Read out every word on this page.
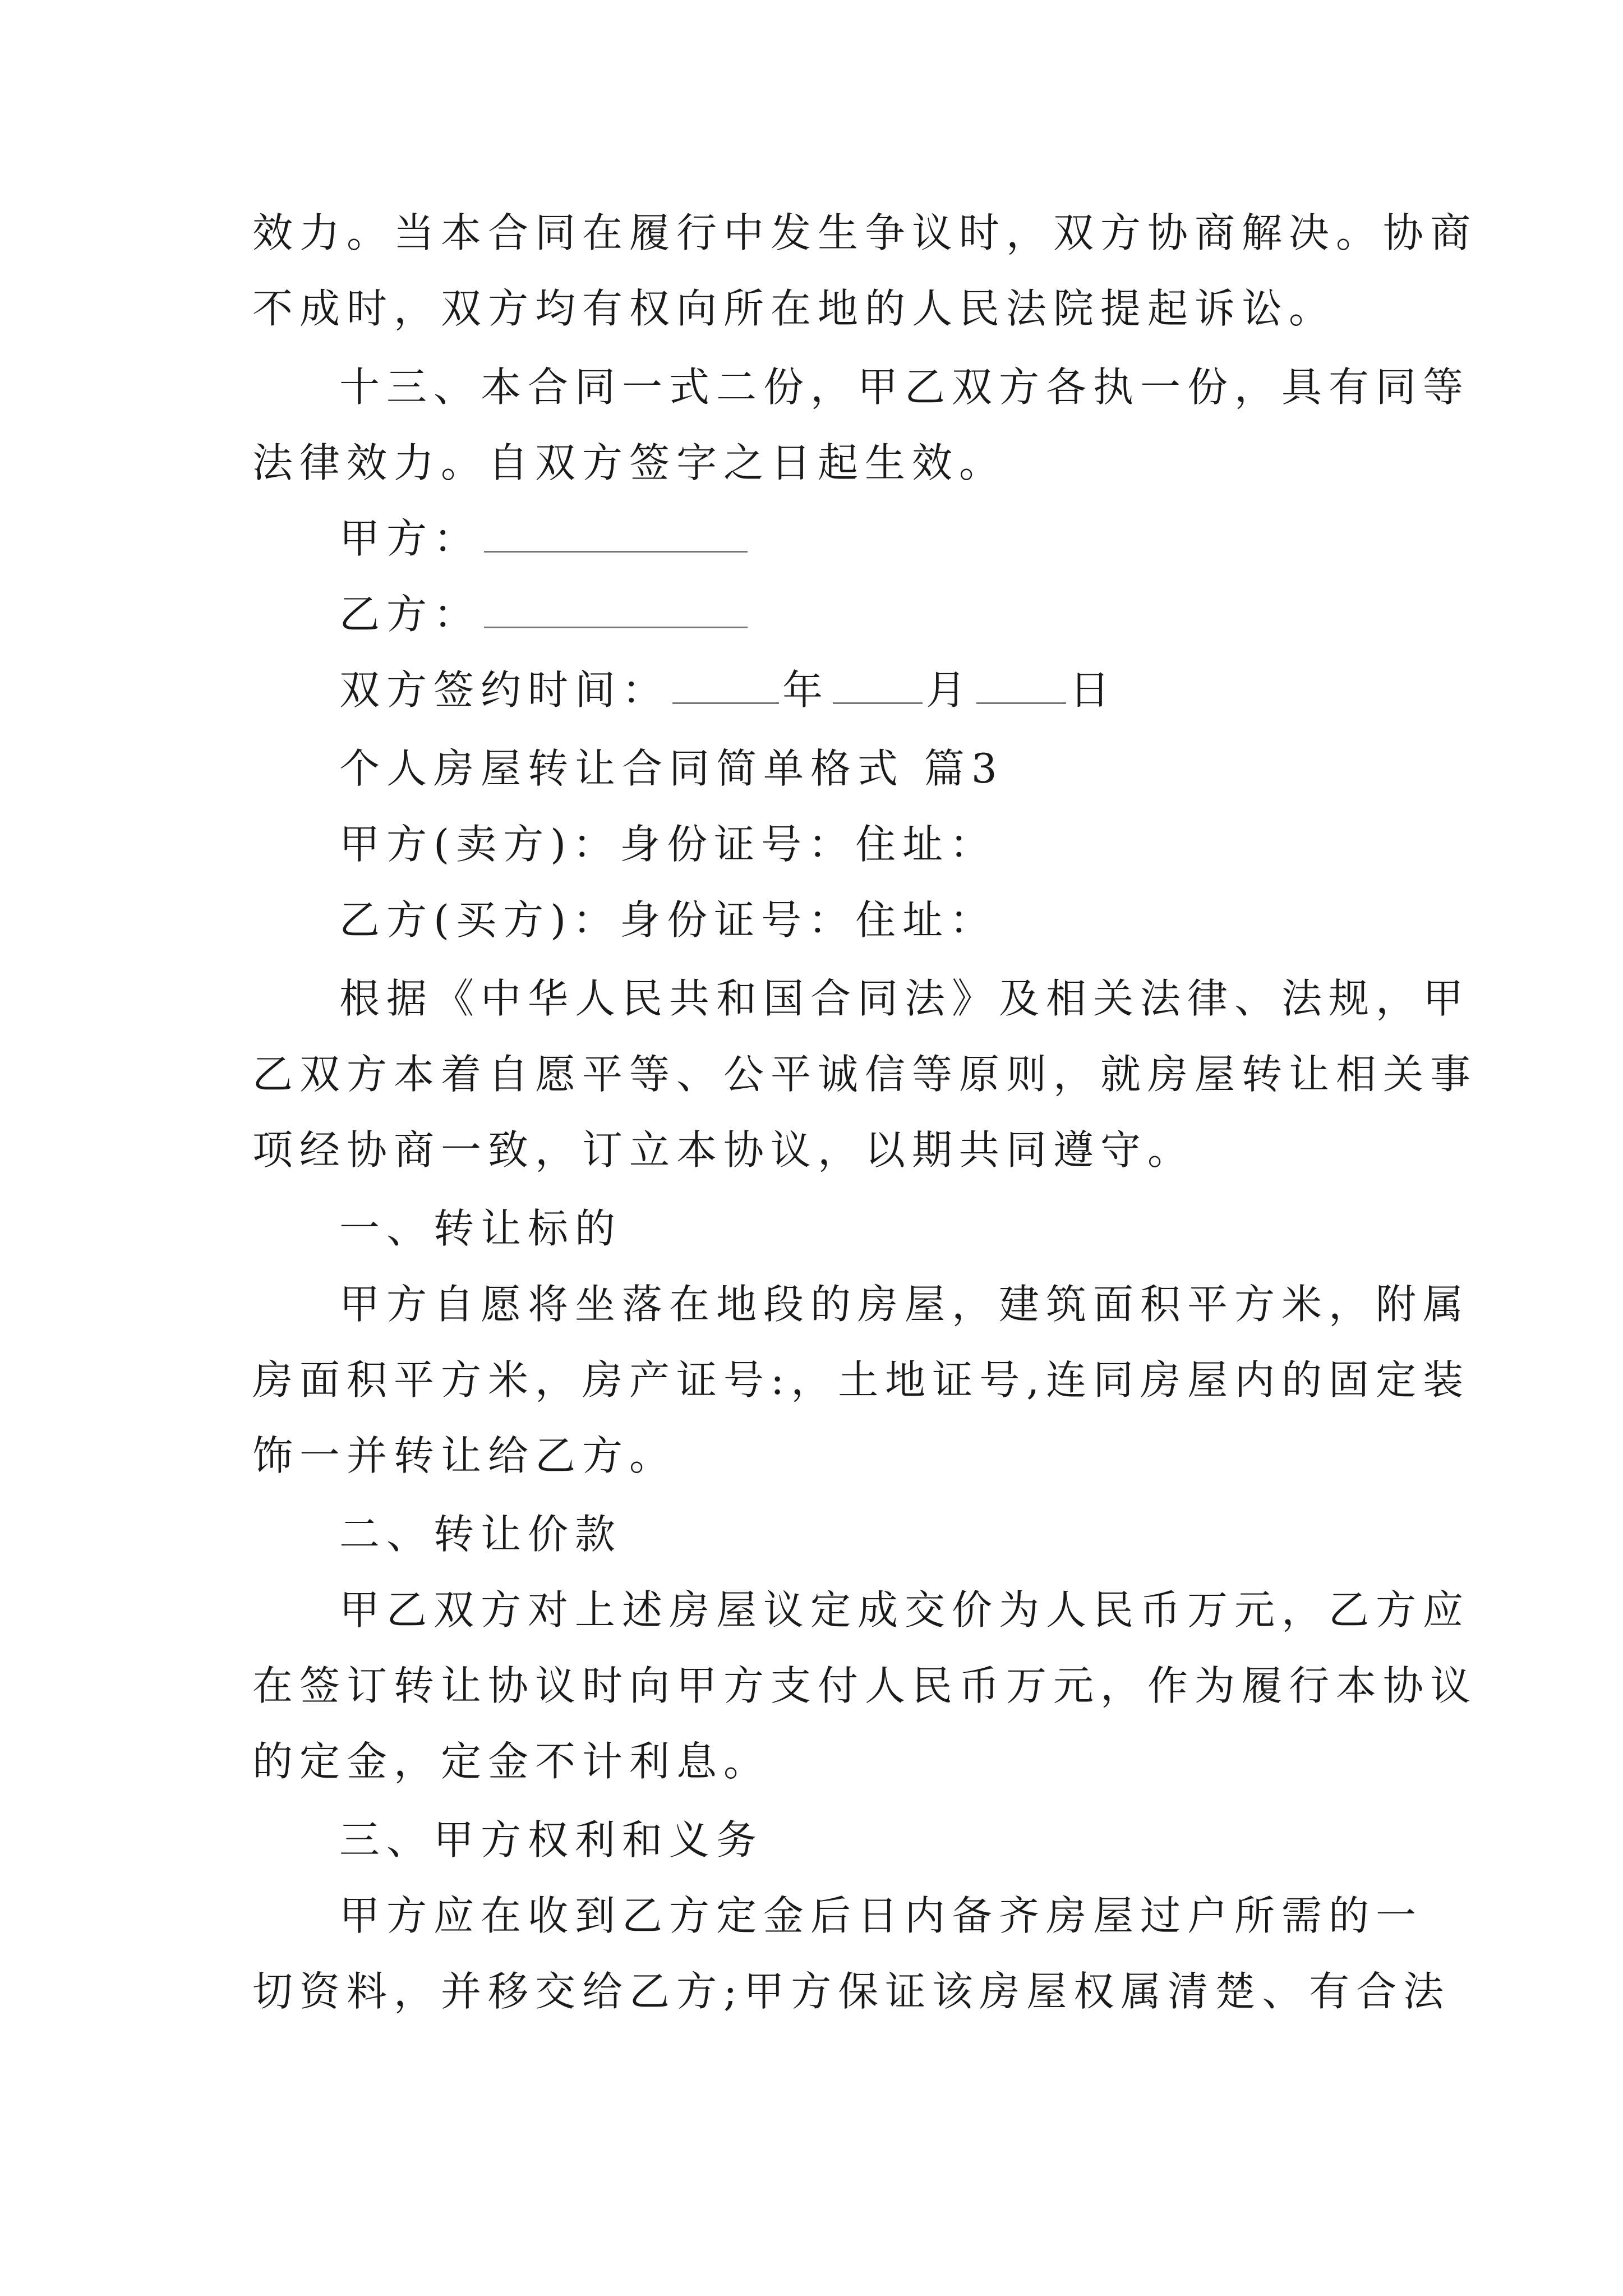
效力。当本合同在履行中发生争议时，双方协商解决。协商
不成时，双方均有权向所在地的人民法院提起诉讼。
十三、本合同一式二份，甲乙双方各执一份，具有同等
法律效力。自双方签字之日起生效。
甲方：
乙方：
双方签约时间：	年 月 日
个人房屋转让合同简单格式 篇3
甲方(卖方)：身份证号：住址：
乙方(买方)：身份证号：住址：
根据《中华人民共和国合同法》及相关法律、法规，甲
乙双方本着自愿平等、公平诚信等原则，就房屋转让相关事
项经协商一致，订立本协议，以期共同遵守。
一、转让标的
甲方自愿将坐落在地段的房屋，建筑面积平方米，附属
房面积平方米，房产证号:，土地证号,连同房屋内的固定装
饰一并转让给乙方。
二、转让价款
甲乙双方对上述房屋议定成交价为人民币万元，乙方应
在签订转让协议时向甲方支付人民币万元，作为履行本协议
的定金，定金不计利息。
三、甲方权利和义务
甲方应在收到乙方定金后日内备齐房屋过户所需的一
切资料，并移交给乙方;甲方保证该房屋权属清楚、有合法
